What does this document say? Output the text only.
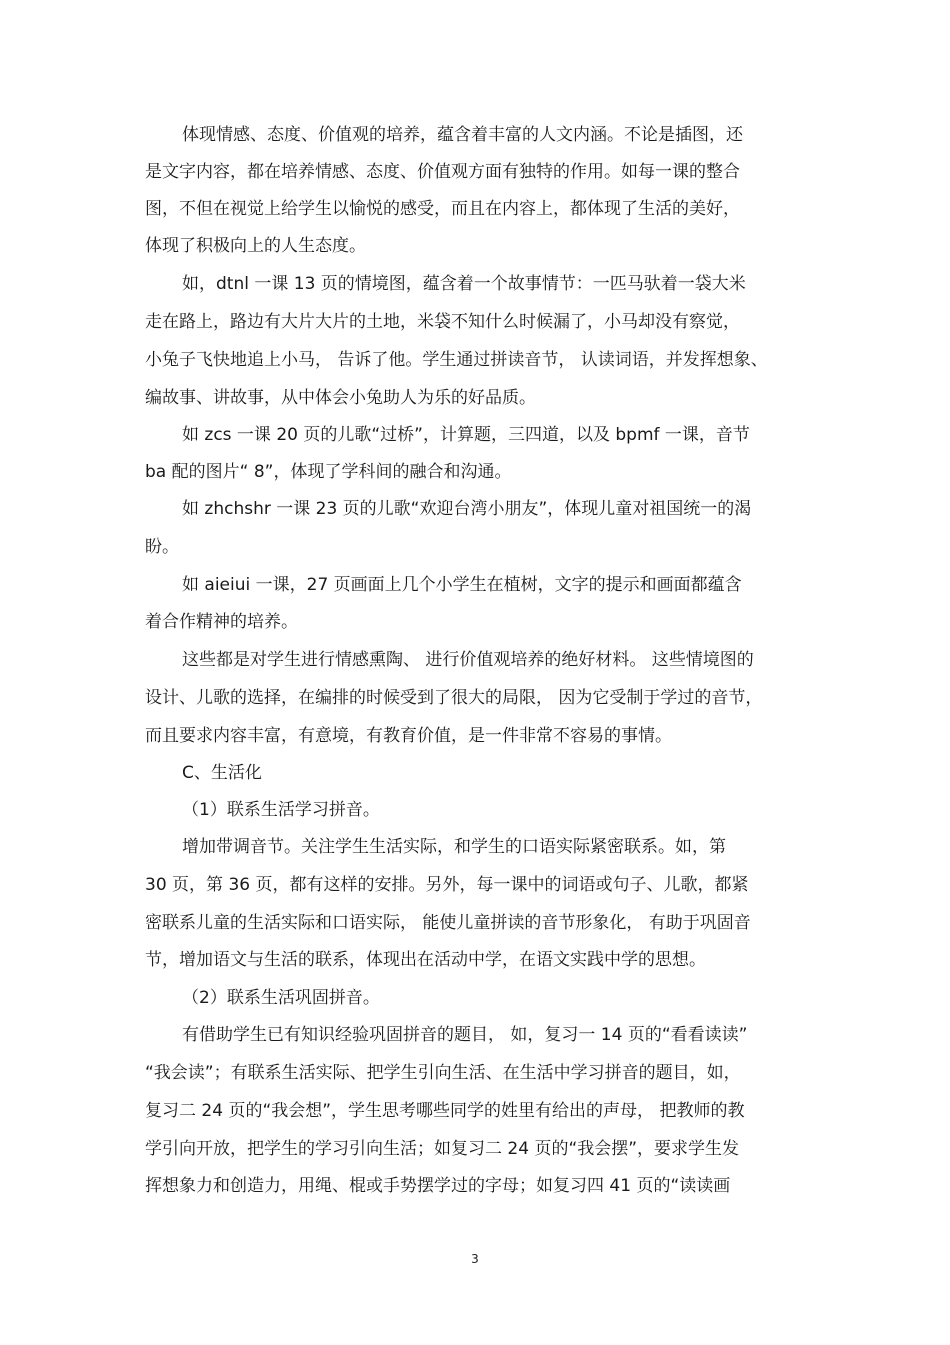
体现情感、态度、价值观的培养，蕴含着丰富的人文内涵。不论是插图，还
是文字内容，都在培养情感、态度、价值观方面有独特的作用。如每一课的整合
图，不但在视觉上给学生以愉悦的感受，而且在内容上，都体现了生活的美好，
体现了积极向上的人生态度。
如，dtnl 一课 13 页的情境图，蕴含着一个故事情节：一匹马驮着一袋大米
走在路上，路边有大片大片的土地，米袋不知什么时候漏了，小马却没有察觉，
小兔子飞快地追上小马， 告诉了他。学生通过拼读音节， 认读词语，并发挥想象、
编故事、讲故事，从中体会小兔助人为乐的好品质。
如 zcs 一课 20 页的儿歌“过桥”，计算题，三四道，以及 bpmf 一课，音节
ba 配的图片“ 8”，体现了学科间的融合和沟通。
如 zhchshr 一课 23 页的儿歌“欢迎台湾小朋友”，体现儿童对祖国统一的渴
盼。
如 aieiui 一课，27 页画面上几个小学生在植树，文字的提示和画面都蕴含
着合作精神的培养。
这些都是对学生进行情感熏陶、 进行价值观培养的绝好材料。 这些情境图的
设计、儿歌的选择，在编排的时候受到了很大的局限， 因为它受制于学过的音节，
而且要求内容丰富，有意境，有教育价值，是一件非常不容易的事情。
C、生活化
（1）联系生活学习拼音。
增加带调音节。关注学生生活实际，和学生的口语实际紧密联系。如，第
30 页，第 36 页，都有这样的安排。另外，每一课中的词语或句子、儿歌，都紧
密联系儿童的生活实际和口语实际， 能使儿童拼读的音节形象化， 有助于巩固音
节，增加语文与生活的联系，体现出在活动中学，在语文实践中学的思想。
（2）联系生活巩固拼音。
有借助学生已有知识经验巩固拼音的题目， 如，复习一 14 页的“看看读读”
“我会读”；有联系生活实际、把学生引向生活、在生活中学习拼音的题目，如，
复习二 24 页的“我会想”，学生思考哪些同学的姓里有给出的声母， 把教师的教
学引向开放，把学生的学习引向生活；如复习二 24 页的“我会摆”，要求学生发
挥想象力和创造力，用绳、棍或手势摆学过的字母；如复习四 41 页的“读读画
3
